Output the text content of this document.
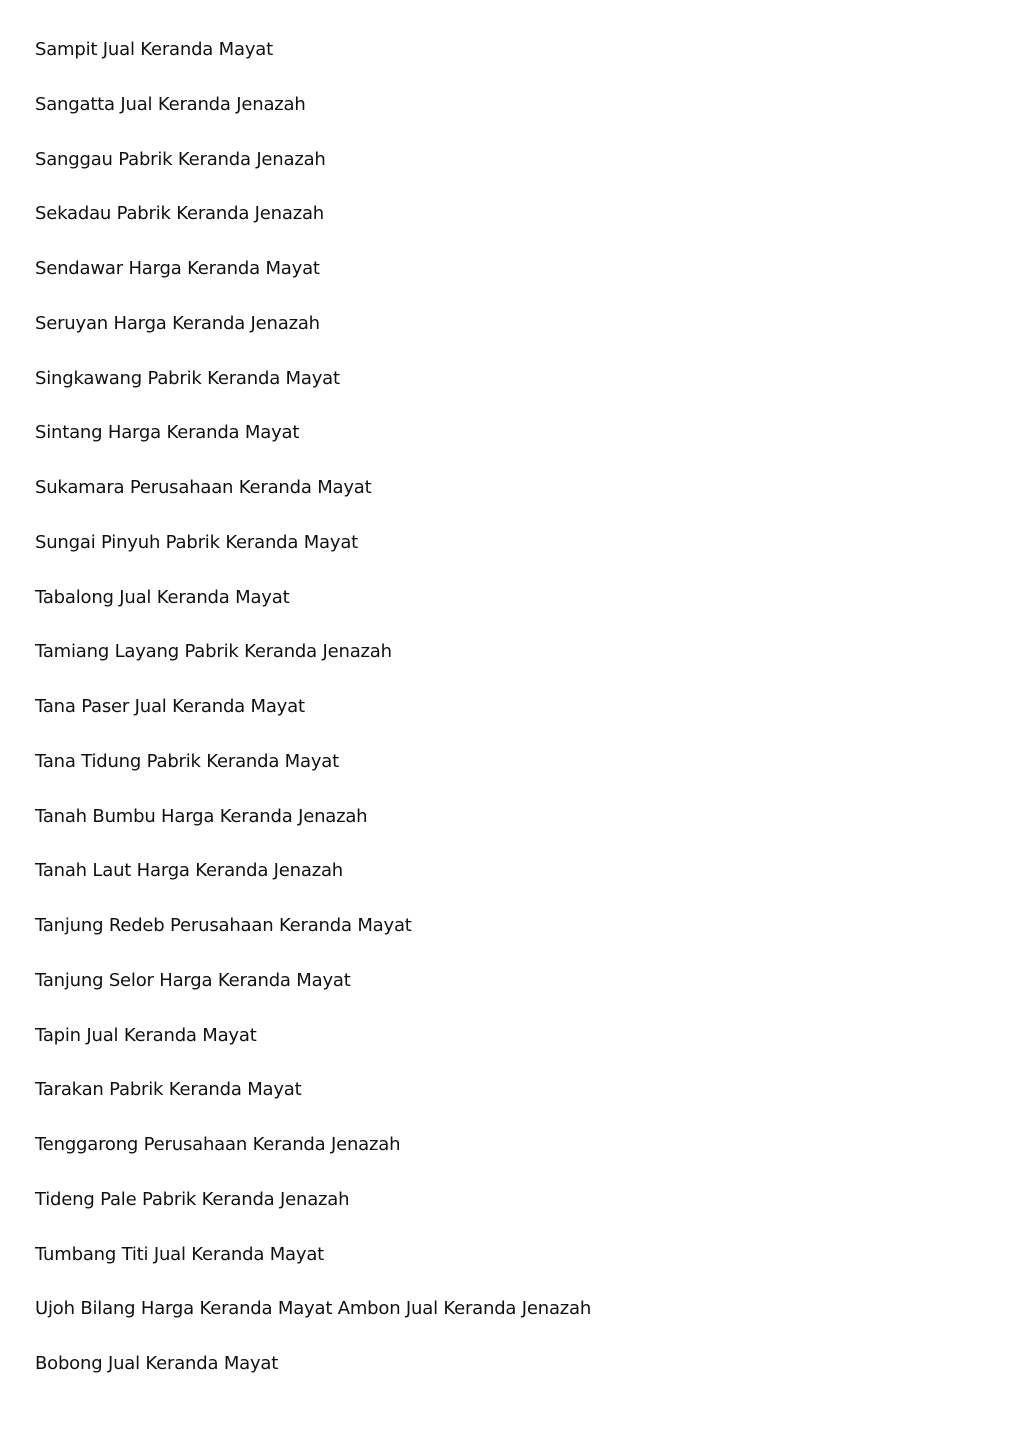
Sampit Jual Keranda Mayat
Sangatta Jual Keranda Jenazah
Sanggau Pabrik Keranda Jenazah
Sekadau Pabrik Keranda Jenazah
Sendawar Harga Keranda Mayat
Seruyan Harga Keranda Jenazah
Singkawang Pabrik Keranda Mayat
Sintang Harga Keranda Mayat
Sukamara Perusahaan Keranda Mayat
Sungai Pinyuh Pabrik Keranda Mayat
Tabalong Jual Keranda Mayat
Tamiang Layang Pabrik Keranda Jenazah
Tana Paser Jual Keranda Mayat
Tana Tidung Pabrik Keranda Mayat
Tanah Bumbu Harga Keranda Jenazah
Tanah Laut Harga Keranda Jenazah
Tanjung Redeb Perusahaan Keranda Mayat
Tanjung Selor Harga Keranda Mayat
Tapin Jual Keranda Mayat
Tarakan Pabrik Keranda Mayat
Tenggarong Perusahaan Keranda Jenazah
Tideng Pale Pabrik Keranda Jenazah
Tumbang Titi Jual Keranda Mayat
Ujoh Bilang Harga Keranda Mayat Ambon Jual Keranda Jenazah
Bobong Jual Keranda Mayat
